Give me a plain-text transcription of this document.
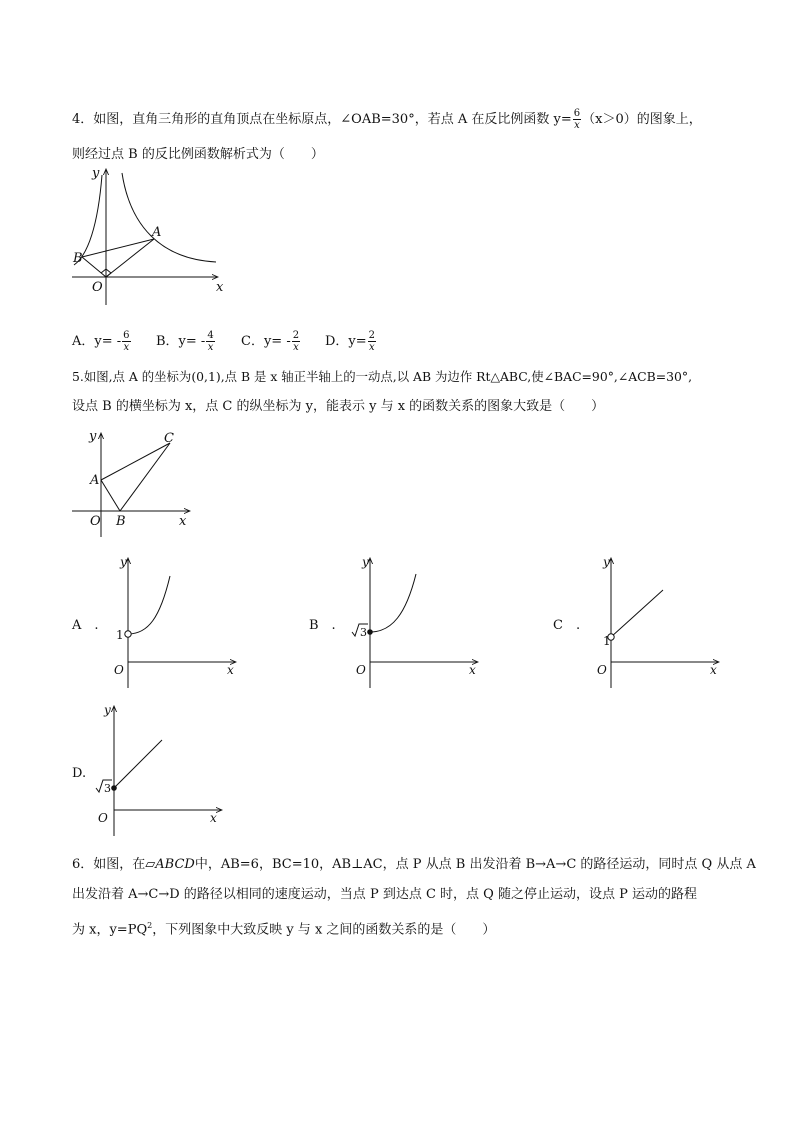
4．如图，直角三角形的直角顶点在坐标原点，∠OAB=30°，若点 A 在反比例函数 $y= \frac{6}{x} (x>0)$的图象上，
则经过点 B 的反比例函数解析式为（　　）
y
x
O
A
B
A．$y= - \frac{6}{x}$ B．$y= - \frac{4}{x}$ C．$y= - \frac{2}{x}$ D．$y= \frac{2}{x}$
5.如图,点 A 的坐标为(0,1),点 B 是 x 轴正半轴上的一动点,以 AB 为边作 Rt△ABC,使∠BAC=90°,∠ACB=30°,
设点 B 的横坐标为 x，点 C 的纵坐标为 y，能表示 y 与 x 的函数关系的图象大致是（　　）
y
x
O
A
B
C
A　.
y
x
O
1
B　. 3
y
x
O
C　.
y
x
O
1
D.
3
y
x
O
6．如图，在▱ABCD中，AB=6，BC=10，AB⊥AC，点 P 从点 B 出发沿着 B→A→C 的路径运动，同时点 Q 从点 A
出发沿着 A→C→D 的路径以相同的速度运动，当点 P 到达点 C 时，点 Q 随之停止运动，设点 P 运动的路程
为 x，$y=PQ^2$，下列图象中大致反映 y 与 x 之间的函数关系的是（　　）
